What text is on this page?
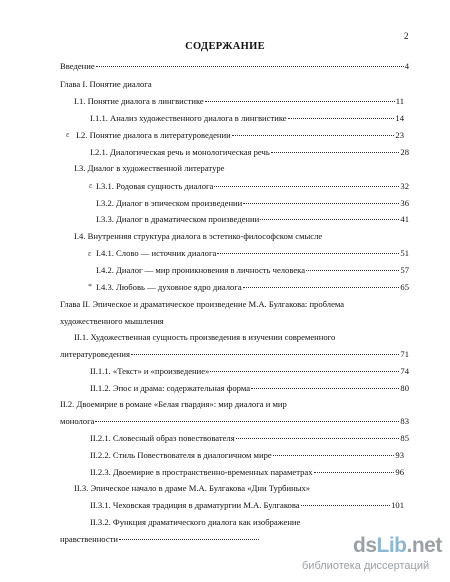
2
СОДЕРЖАНИЕ
Введение	4
Глава I. Понятие диалога
I.1. Понятие диалога в лингвистике	11
I.1.1. Анализ художественного диалога в лингвистике	14
ɛ I.2. Понятие диалога в литературоведении	23
I.2.1. Диалогическая речь и монологическая речь	28
I.3. Диалог в художественной литературе
ɛ I.3.1. Родовая сущность диалога	32
I.3.2. Диалог в эпическом произведении	36
I.3.3. Диалог в драматическом произведении	41
I.4. Внутренняя структура диалога в эстетико-философском смысле
ɛ I.4.1. Слово — источник диалога	51
I.4.2. Диалог — мир проникновения в личность человека	57
* I.4.3. Любовь — духовное ядро диалога	65
Глава II. Эпическое и драматическое произведение М.А. Булгакова: проблема
художественного мышления
II.1. Художественная сущность произведения в изучении современного
литературоведения	71
II.1.1. «Текст» и «произведение»	74
II.1.2. Эпос и драма: содержательная форма	80
II.2. Двоемирие в романе «Белая гвардия»: мир диалога и мир
монолога	83
II.2.1. Словесный образ повествователя	85
II.2.2. Стиль Повествователя в диалогичном мире	93
II.2.3. Двоемирие в пространственно-временных параметрах	96
II.3. Эпическое начало в драме М.А. Булгакова «Дни Турбиных»
II.3.1. Чеховская традиция в драматургии М.А. Булгакова	101
II.3.2. Функция драматического диалога как изображение
нравственности	dsLib.net
библиотека диссертаций
